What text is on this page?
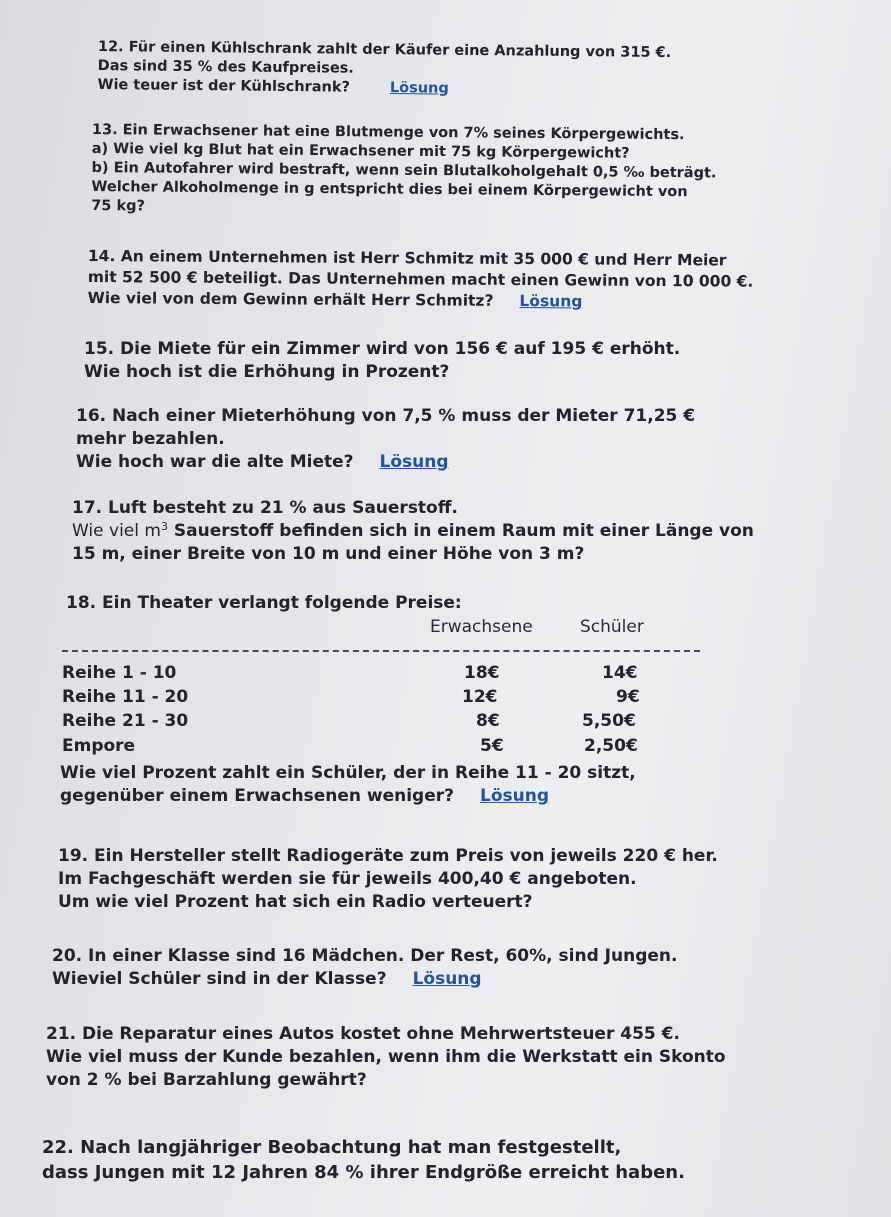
12. Für einen Kühlschrank zahlt der Käufer eine Anzahlung von 315 €.
Das sind 35 % des Kaufpreises.
Wie teuer ist der Kühlschrank?	Lösung
13. Ein Erwachsener hat eine Blutmenge von 7% seines Körpergewichts.
a) Wie viel kg Blut hat ein Erwachsener mit 75 kg Körpergewicht?
b) Ein Autofahrer wird bestraft, wenn sein Blutalkoholgehalt 0,5 ‰ beträgt.
Welcher Alkoholmenge in g entspricht dies bei einem Körpergewicht von
75 kg?
14. An einem Unternehmen ist Herr Schmitz mit 35 000 € und Herr Meier
mit 52 500 € beteiligt. Das Unternehmen macht einen Gewinn von 10 000 €.
Wie viel von dem Gewinn erhält Herr Schmitz? Lösung
15. Die Miete für ein Zimmer wird von 156 € auf 195 € erhöht.
Wie hoch ist die Erhöhung in Prozent?
16. Nach einer Mieterhöhung von 7,5 % muss der Mieter 71,25 €
mehr bezahlen.
Wie hoch war die alte Miete? Lösung
17. Luft besteht zu 21 % aus Sauerstoff.
Wie viel $m^3$ Sauerstoff befinden sich in einem Raum mit einer Länge von
15 m, einer Breite von 10 m und einer Höhe von 3 m?
18. Ein Theater verlangt folgende Preise:
Erwachsene	Schüler
Reihe 1 - 10	18€	14€
Reihe 11 - 20	12€	9€
Reihe 21 - 30	8€	5,50€
Empore	5€	2,50€
Wie viel Prozent zahlt ein Schüler, der in Reihe 11 - 20 sitzt,
gegenüber einem Erwachsenen weniger? Lösung
19. Ein Hersteller stellt Radiogeräte zum Preis von jeweils 220 € her.
Im Fachgeschäft werden sie für jeweils 400,40 € angeboten.
Um wie viel Prozent hat sich ein Radio verteuert?
20. In einer Klasse sind 16 Mädchen. Der Rest, 60%, sind Jungen.
Wieviel Schüler sind in der Klasse? Lösung
21. Die Reparatur eines Autos kostet ohne Mehrwertsteuer 455 €.
Wie viel muss der Kunde bezahlen, wenn ihm die Werkstatt ein Skonto
von 2 % bei Barzahlung gewährt?
22. Nach langjähriger Beobachtung hat man festgestellt,
dass Jungen mit 12 Jahren 84 % ihrer Endgröße erreicht haben.
